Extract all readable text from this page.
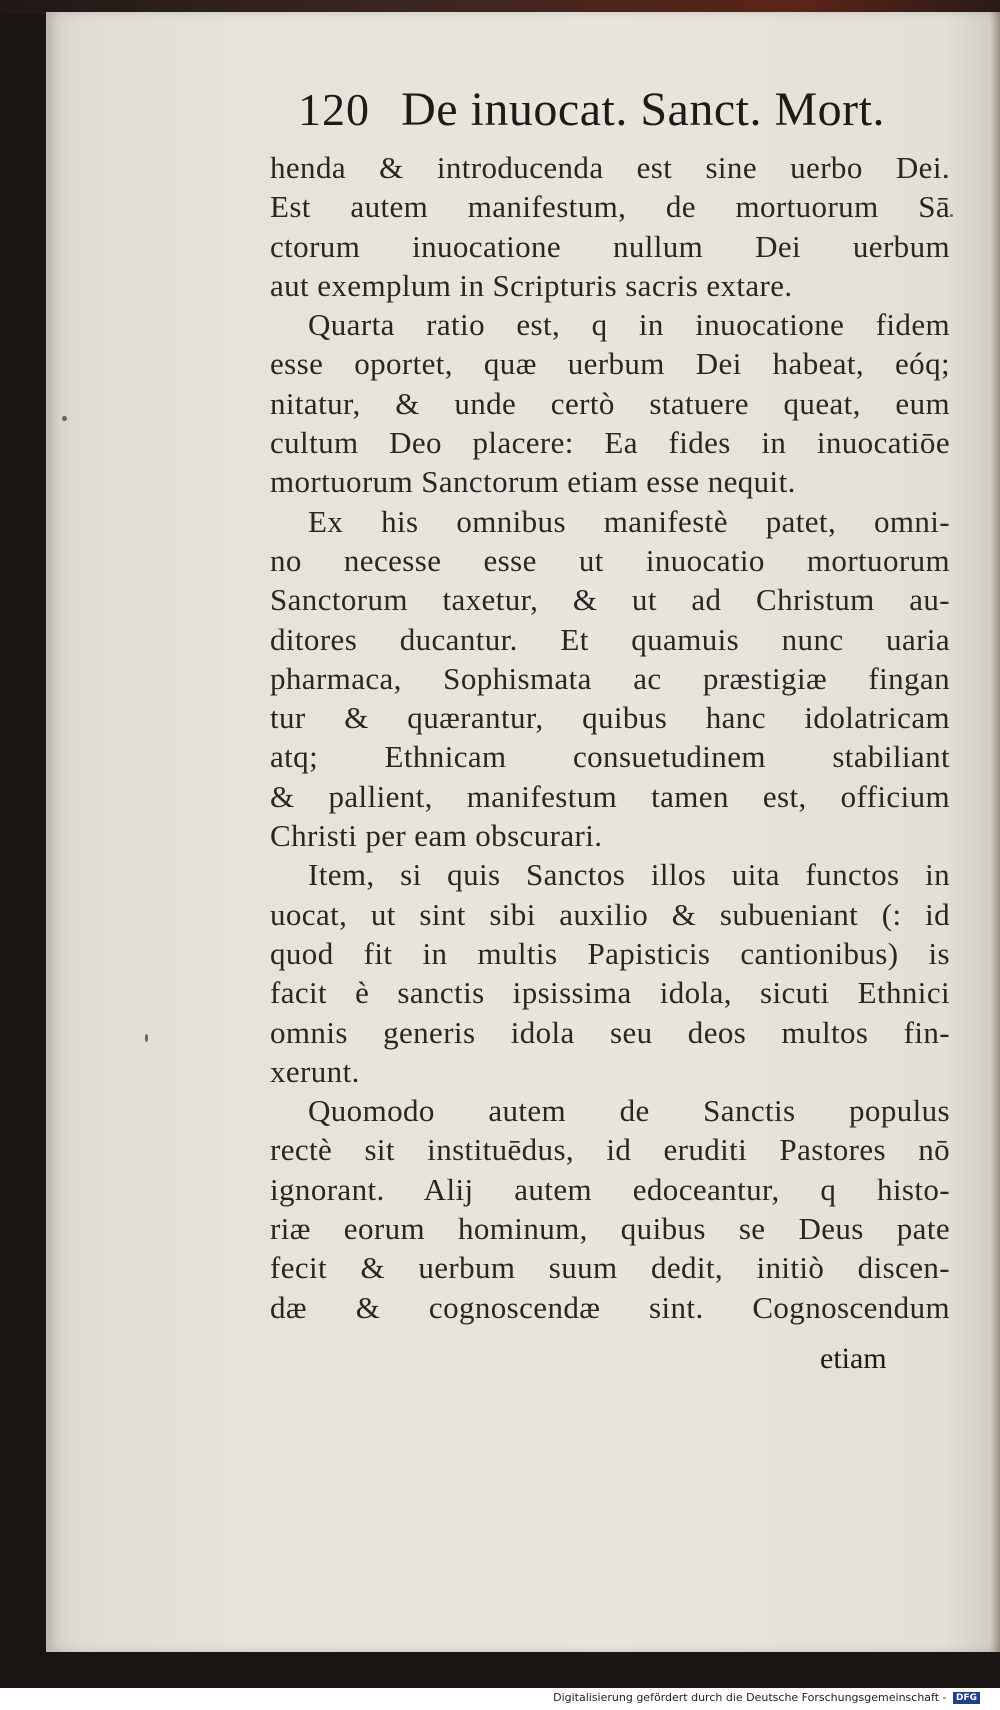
120 De inuocat. Sanct. Mort.
henda & introducenda est sine uerbo Dei.
Est autem manifestum, de mortuorum Sā
ctorum inuocatione nullum Dei uerbum
aut exemplum in Scripturis sacris extare.
Quarta ratio est, q in inuocatione fidem
esse oportet, quæ uerbum Dei habeat, eóq;
nitatur, & unde certò statuere queat, eum
cultum Deo placere: Ea fides in inuocatiōe
mortuorum Sanctorum etiam esse nequit.
Ex his omnibus manifestè patet, omni-
no necesse esse ut inuocatio mortuorum
Sanctorum taxetur, & ut ad Christum au-
ditores ducantur. Et quamuis nunc uaria
pharmaca, Sophismata ac præstigiæ fingan
tur & quærantur, quibus hanc idolatricam
atq; Ethnicam consuetudinem stabiliant
& pallient, manifestum tamen est, officium
Christi per eam obscurari.
Item, si quis Sanctos illos uita functos in
uocat, ut sint sibi auxilio & subueniant (: id
quod fit in multis Papisticis cantionibus) is
facit è sanctis ipsissima idola, sicuti Ethnici
omnis generis idola seu deos multos fin-
xerunt.
Quomodo autem de Sanctis populus
rectè sit instituēdus, id eruditi Pastores nō
ignorant. Alij autem edoceantur, q histo-
riæ eorum hominum, quibus se Deus pate
fecit & uerbum suum dedit, initiò discen-
dæ & cognoscendæ sint. Cognoscendum
etiam
Digitalisierung gefördert durch die Deutsche Forschungsgemeinschaft - DFG
